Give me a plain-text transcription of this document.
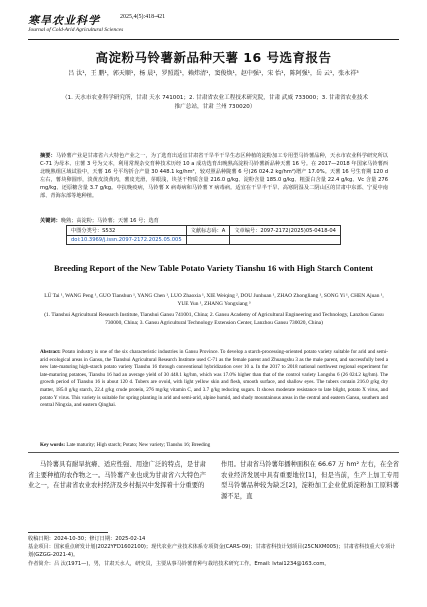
寒旱农业科学	2025,4(5):418-421
Journal of Cold-Arid Agricultural Sciences
高淀粉马铃薯新品种天薯 16 号选育报告
吕 汰¹，王 鹏¹，郭天顺¹，杨 晨¹，罗照霞¹，赖炜清¹，窦俊焕¹，赵中强¹，宋 怡¹，陈阿强¹，岳 云¹，张永祥³
（1. 天水市农业科学研究所，甘肃 天水 741001；2. 甘肃省农业工程技术研究院，甘肃 武威 733000；3. 甘肃省农业技术推广总站，甘肃 兰州 730020）
摘要：马铃薯产业是甘肃省六大特色产业之一，为了选育出适宜甘肃省干旱半干旱生态区种植的淀粉加工专用型马铃薯品种，天水市农业科学研究所以 C-71 为母本、庄薯 3 号为父本，利用常规杂交育种技术历经 10 a 成功选育出晚熟高淀粉马铃薯新品种天薯 16 号。在 2017—2018 年国家马铃薯西北晚熟组区域试验中，天薯 16 号平均折合产量 30 448.1 kg/hm²，较对照品种陇薯 6 号(26 024.2 kg/hm²)增产 17.0%。天薯 16 号生育期 120 d 左右，薯块卵圆形，淡黄皮淡黄肉，薯皮光滑，芽眼浅，块茎干物质含量 216.0 g/kg、淀粉含量 185.0 g/kg、粗蛋白含量 22.4 g/kg、Vc 含量 276 mg/kg、还原糖含量 3.7 g/kg。中抗晚疫病，马铃薯 X 病毒病和马铃薯 Y 病毒病。适宜在干旱半干旱、高寒阴湿及二阴山区的甘肃中东部、宁夏中南部、青海东部等地种植。
关键词：晚熟；高淀粉；马铃薯；天薯 16 号；选育
中图分类号：S532	文献标志码：A	文章编号：2097-2172(2025)05-0418-04
doi:10.3969/j.issn.2097-2172.2025.05.005		
Breeding Report of the New Table Potato Variety Tianshu 16 with High Starch Content
LÜ Tai ¹, WANG Peng ¹, GUO Tianshun ¹, YANG Chen ¹, LUO Zhaoxia ¹, XIE Weiqing ², DOU Junhuan ¹, ZHAO Zhongliang ¹, SONG Yi ¹, CHEN Ajuan ¹, YUE Yun ¹, ZHANG Yongxiang ³
(1. Tianshui Agricultural Research Institute, Tianshui Gansu 741001, China; 2. Gansu Academy of Agricultural Engineering and Technology, Lanzhou Gansu 730000, China; 3. Gansu Agricultural Technology Extension Center, Lanzhou Gansu 730020, China)
Abstract: Potato industry is one of the six characteristic industries in Gansu Province. To develop a starch-processing-oriented potato variety suitable for arid and semi-arid ecological areas in Gansu, the Tianshui Agricultural Research Institute used C-71 as the female parent and Zhuangshu 3 as the male parent, and successfully bred a new late-maturing high-starch potato variety Tianshu 16 through conventional hybridization over 10 a. In the 2017 to 2018 national northwest regional experiment for late-maturing potatoes, Tianshu 16 had an average yield of 30 448.1 kg/hm, which was 17.0% higher than that of the control variety Longshu 6 (26 024.2 kg/hm). The growth period of Tianshu 16 is about 120 d. Tubers are ovoid, with light yellow skin and flesh, smooth surface, and shallow eyes. The tubers contain 216.0 g/kg dry matter, 185.0 g/kg starch, 22.4 g/kg crude protein, 276 mg/kg vitamin C, and 3.7 g/kg reducing sugars. It shows moderate resistance to late blight, potato X virus, and potato Y virus. This variety is suitable for spring planting in arid and semi-arid, alpine humid, and shady mountainous areas in the central and eastern Gansu, southern and central Ningxia, and eastern Qinghai.
Key words: Late maturity; High starch; Potato; New variety; Tianshu 16; Breeding

马铃薯具有耐旱抗瘠、适应性强、用途广泛的特点，是甘肃省主要种植的农作物之一。马铃薯产业也成为甘肃省六大特色产业之一，在甘肃省农业农村经济及乡村振兴中发挥着十分重要的

作用。甘肃省马铃薯年播种面积在 66.67 万 hm² 左右，在全省农业经济发展中具有重要地位[1]，但是当前，生产上加工专用型马铃薯品种较为缺乏[2]，淀粉加工企业优质淀粉加工原料薯源不足，直

收稿日期：2024-10-30；修订日期：2025-02-14
基金项目：国家重点研发计划(2022YFD1602100)；现代农业产业技术体系专项资金(CARS-09)；甘肃省科技计划项目(25CNXM005)；甘肃省科技重大专项计划(GZGG-2021-4)。
作者简介：吕 汰(1971—)，男，甘肃天水人，研究员，主要从事马铃薯育种与栽培技术研究工作。Email: lvtai1234@163.com。
